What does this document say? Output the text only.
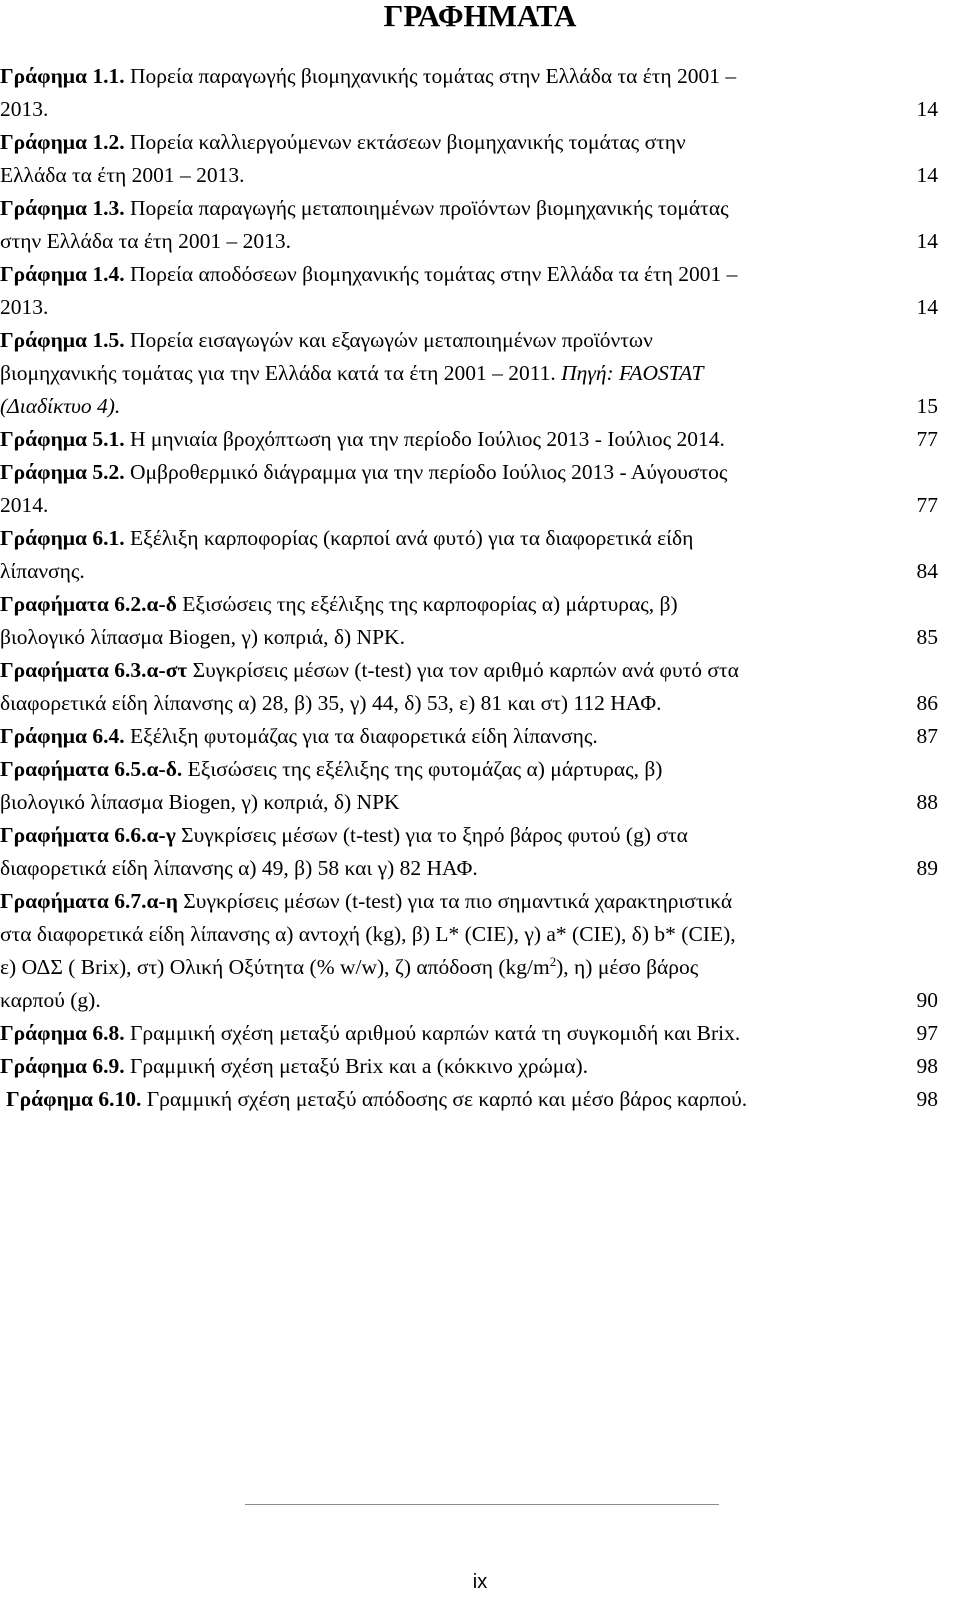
ΓΡΑΦΗΜΑΤΑ
Γράφημα 1.1. Πορεία παραγωγής βιομηχανικής τομάτας στην Ελλάδα τα έτη 2001 –
2013.	14
Γράφημα 1.2. Πορεία καλλιεργούμενων εκτάσεων βιομηχανικής τομάτας στην
Ελλάδα τα έτη 2001 – 2013.	14
Γράφημα 1.3. Πορεία παραγωγής μεταποιημένων προϊόντων βιομηχανικής τομάτας
στην Ελλάδα τα έτη 2001 – 2013.	14
Γράφημα 1.4. Πορεία αποδόσεων βιομηχανικής τομάτας στην Ελλάδα τα έτη 2001 –
2013.	14
Γράφημα 1.5. Πορεία εισαγωγών και εξαγωγών μεταποιημένων προϊόντων
βιομηχανικής τομάτας για την Ελλάδα κατά τα έτη 2001 – 2011. Πηγή: FAOSTAT
(Διαδίκτυο 4).	15
Γράφημα 5.1. Η μηνιαία βροχόπτωση για την περίοδο Ιούλιος 2013 - Ιούλιος 2014.	77
Γράφημα 5.2. Ομβροθερμικό διάγραμμα για την περίοδο Ιούλιος 2013 - Αύγουστος
2014.	77
Γράφημα 6.1. Εξέλιξη καρποφορίας (καρποί ανά φυτό) για τα διαφορετικά είδη
λίπανσης.	84
Γραφήματα 6.2.α-δ Εξισώσεις της εξέλιξης της καρποφορίας α) μάρτυρας, β)
βιολογικό λίπασμα Biogen, γ) κοπριά, δ) NPK.	85
Γραφήματα 6.3.α-στ Συγκρίσεις μέσων (t-test) για τον αριθμό καρπών ανά φυτό στα
διαφορετικά είδη λίπανσης α) 28, β) 35, γ) 44, δ) 53, ε) 81 και στ) 112 ΗΑΦ.	86
Γράφημα 6.4. Εξέλιξη φυτομάζας για τα διαφορετικά είδη λίπανσης.	87
Γραφήματα 6.5.α-δ. Εξισώσεις της εξέλιξης της φυτομάζας α) μάρτυρας, β)
βιολογικό λίπασμα Biogen, γ) κοπριά, δ) NPK	88
Γραφήματα 6.6.α-γ Συγκρίσεις μέσων (t-test) για το ξηρό βάρος φυτού (g) στα
διαφορετικά είδη λίπανσης α) 49, β) 58 και γ) 82 ΗΑΦ.	89
Γραφήματα 6.7.α-η Συγκρίσεις μέσων (t-test) για τα πιο σημαντικά χαρακτηριστικά
στα διαφορετικά είδη λίπανσης α) αντοχή (kg), β) L* (CIE), γ) a* (CIE), δ) b* (CIE),
ε) ΟΔΣ ( Brix), στ) Ολική Οξύτητα (% w/w), ζ) απόδοση $(kg/m^2)$, η) μέσο βάρος
καρπού (g).	90
Γράφημα 6.8. Γραμμική σχέση μεταξύ αριθμού καρπών κατά τη συγκομιδή και Brix.	97
Γράφημα 6.9. Γραμμική σχέση μεταξύ Brix και a (κόκκινο χρώμα).	98
Γράφημα 6.10. Γραμμική σχέση μεταξύ απόδοσης σε καρπό και μέσο βάρος καρπού.	98
ix
